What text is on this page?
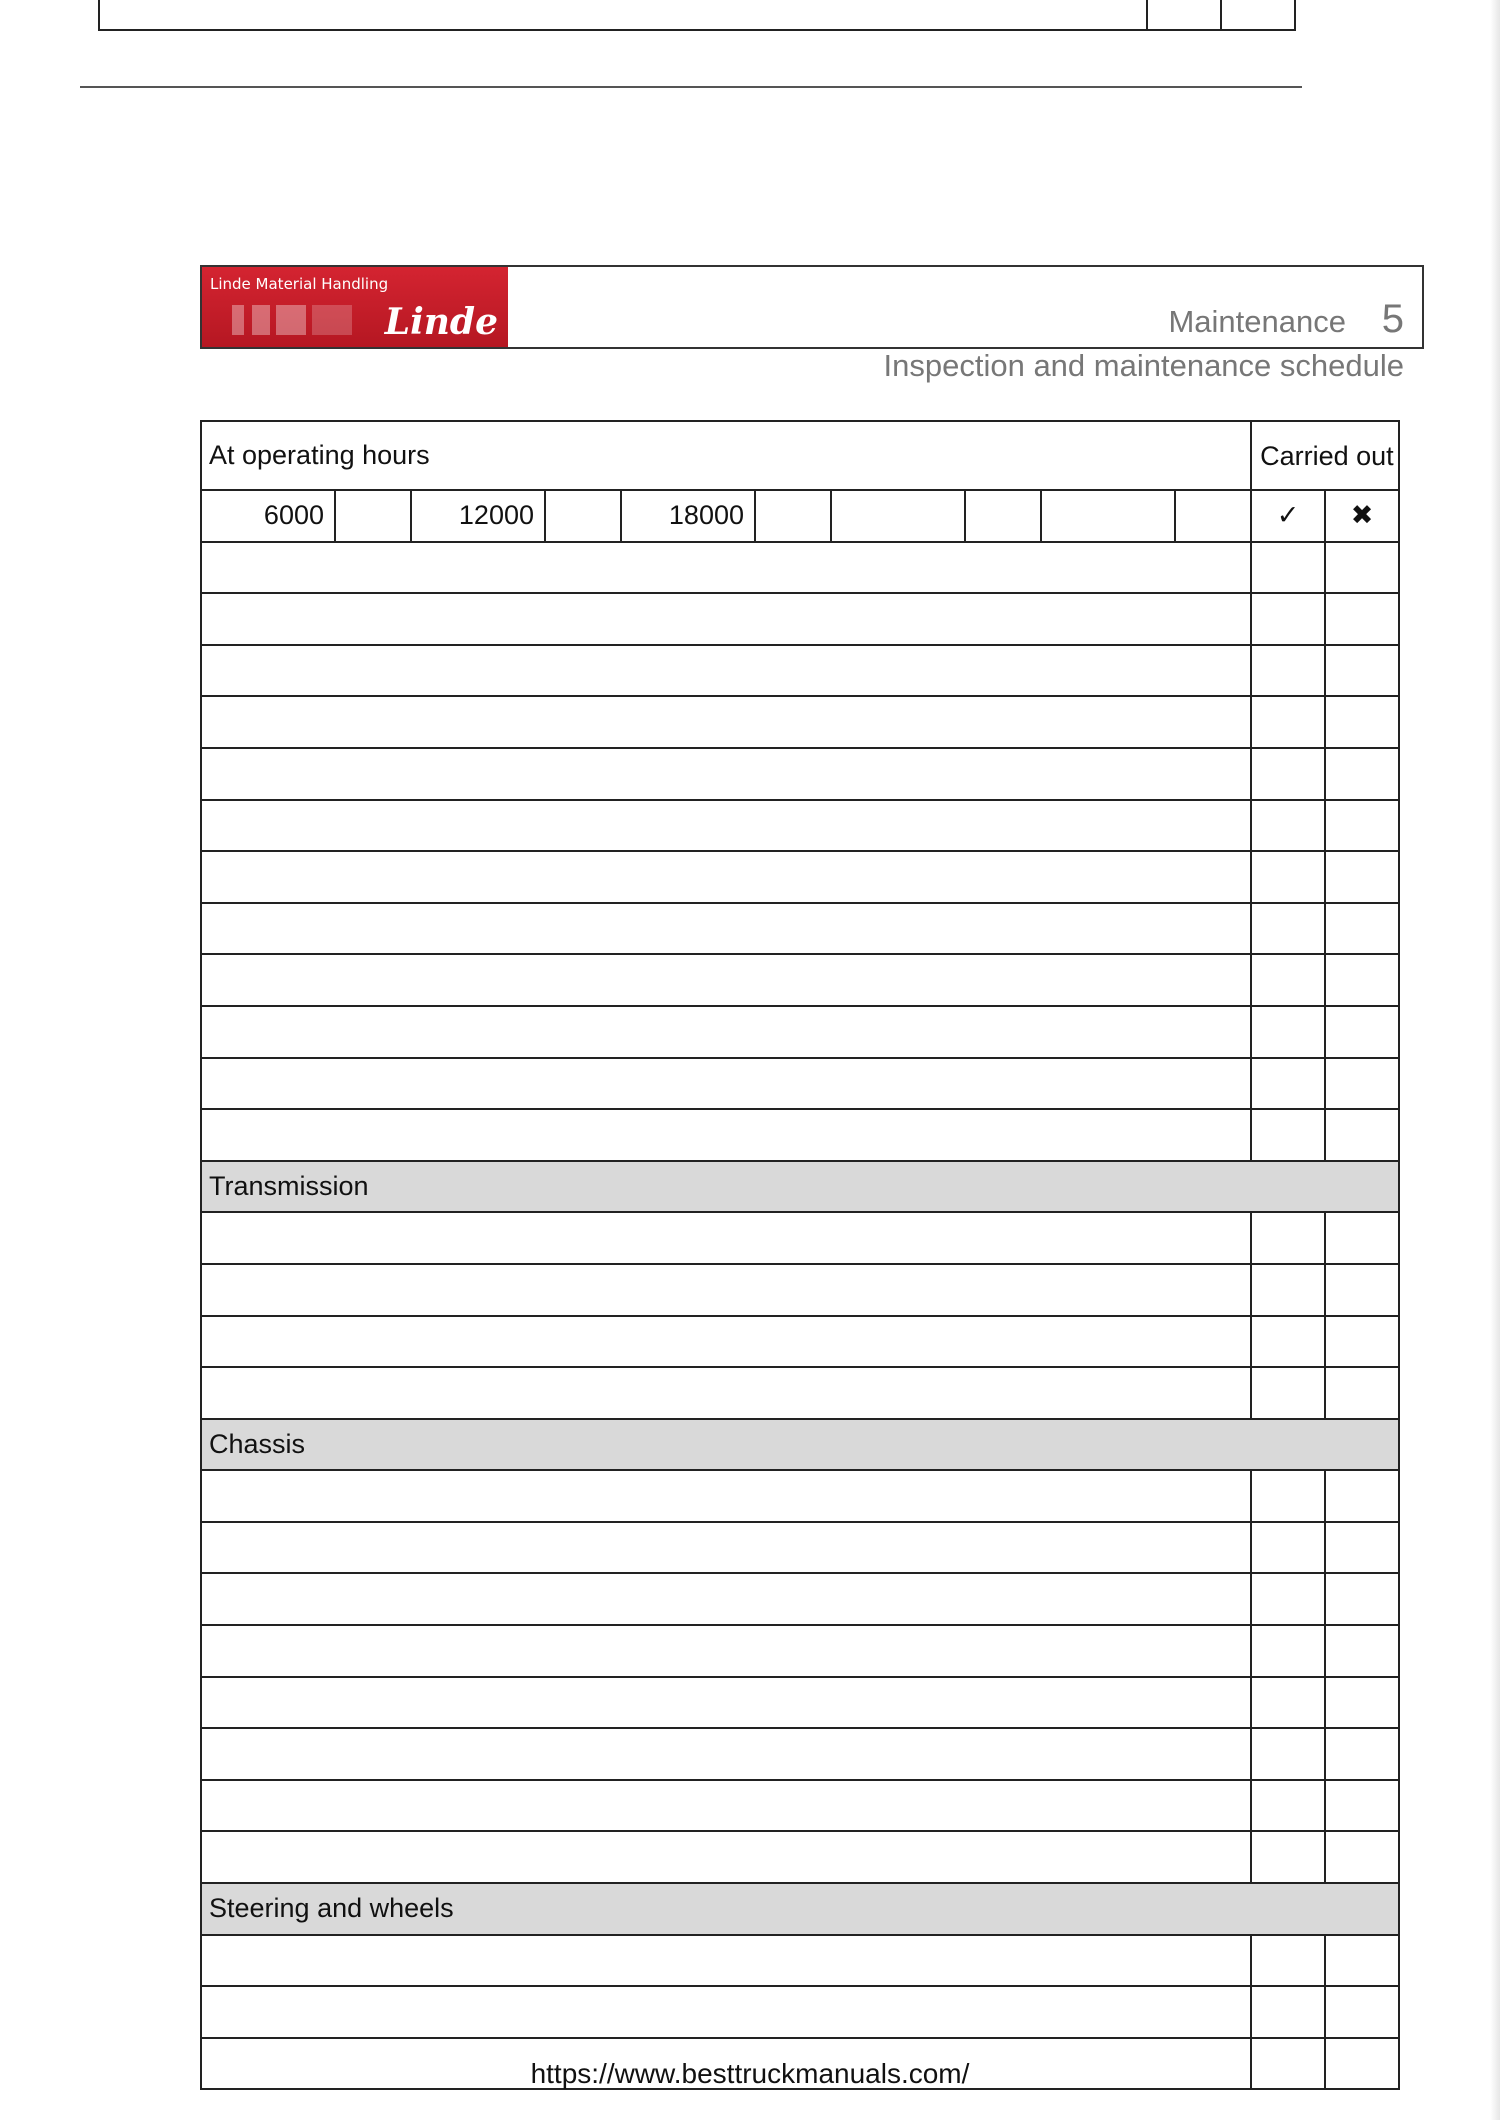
Linde Material Handling
Linde	Maintenance 5
Inspection and maintenance schedule
At operating hours										Carried out	
6000		12000		18000						✓	✖

Transmission											

Chassis											

Steering and wheels											

https://www.besttruckmanuals.com/
